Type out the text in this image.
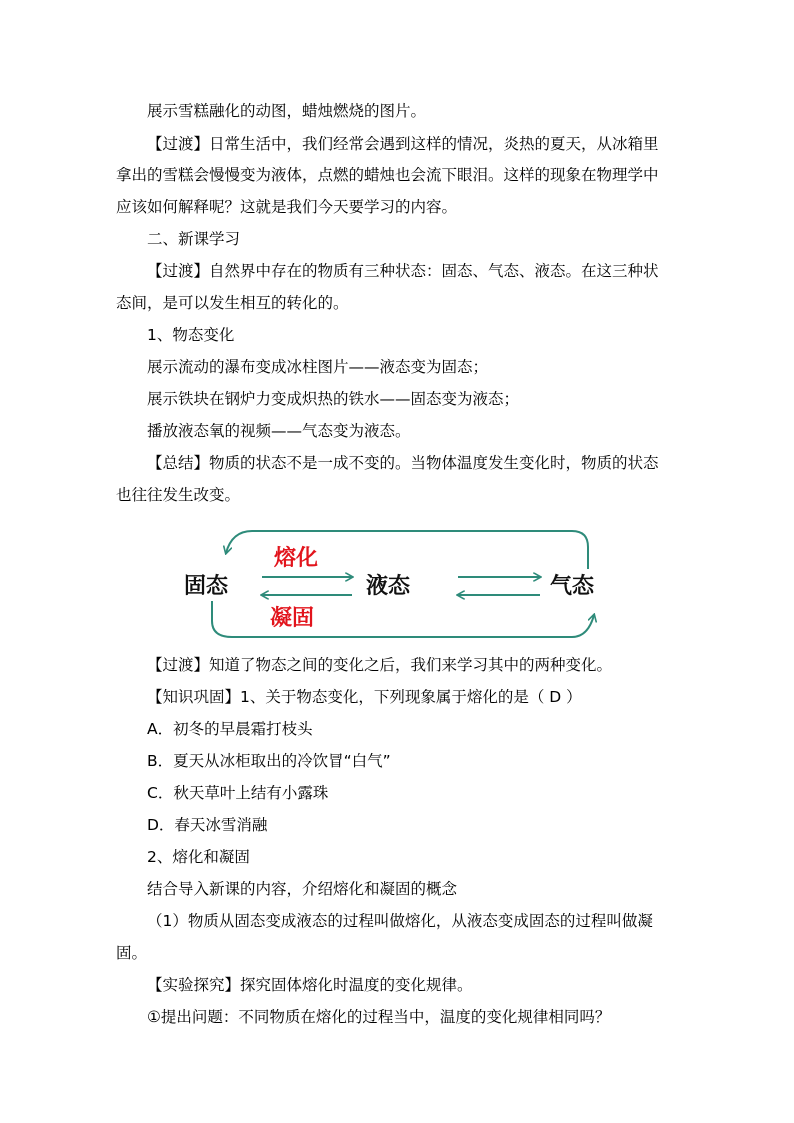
展示雪糕融化的动图，蜡烛燃烧的图片。
【过渡】日常生活中，我们经常会遇到这样的情况，炎热的夏天，从冰箱里
拿出的雪糕会慢慢变为液体，点燃的蜡烛也会流下眼泪。这样的现象在物理学中
应该如何解释呢？这就是我们今天要学习的内容。
二、新课学习
【过渡】自然界中存在的物质有三种状态：固态、气态、液态。在这三种状
态间，是可以发生相互的转化的。
1、物态变化
展示流动的瀑布变成冰柱图片——液态变为固态；
展示铁块在钢炉力变成炽热的铁水——固态变为液态；
播放液态氧的视频——气态变为液态。
【总结】物质的状态不是一成不变的。当物体温度发生变化时，物质的状态
也往往发生改变。
固态	液态	气态
熔化
凝固
【过渡】知道了物态之间的变化之后，我们来学习其中的两种变化。
【知识巩固】1、关于物态变化，下列现象属于熔化的是（ D ）
A．初冬的早晨霜打枝头
B．夏天从冰柜取出的冷饮冒“白气”
C．秋天草叶上结有小露珠
D．春天冰雪消融
2、熔化和凝固
结合导入新课的内容，介绍熔化和凝固的概念
（1）物质从固态变成液态的过程叫做熔化，从液态变成固态的过程叫做凝
固。
【实验探究】探究固体熔化时温度的变化规律。
①提出问题：不同物质在熔化的过程当中，温度的变化规律相同吗？
